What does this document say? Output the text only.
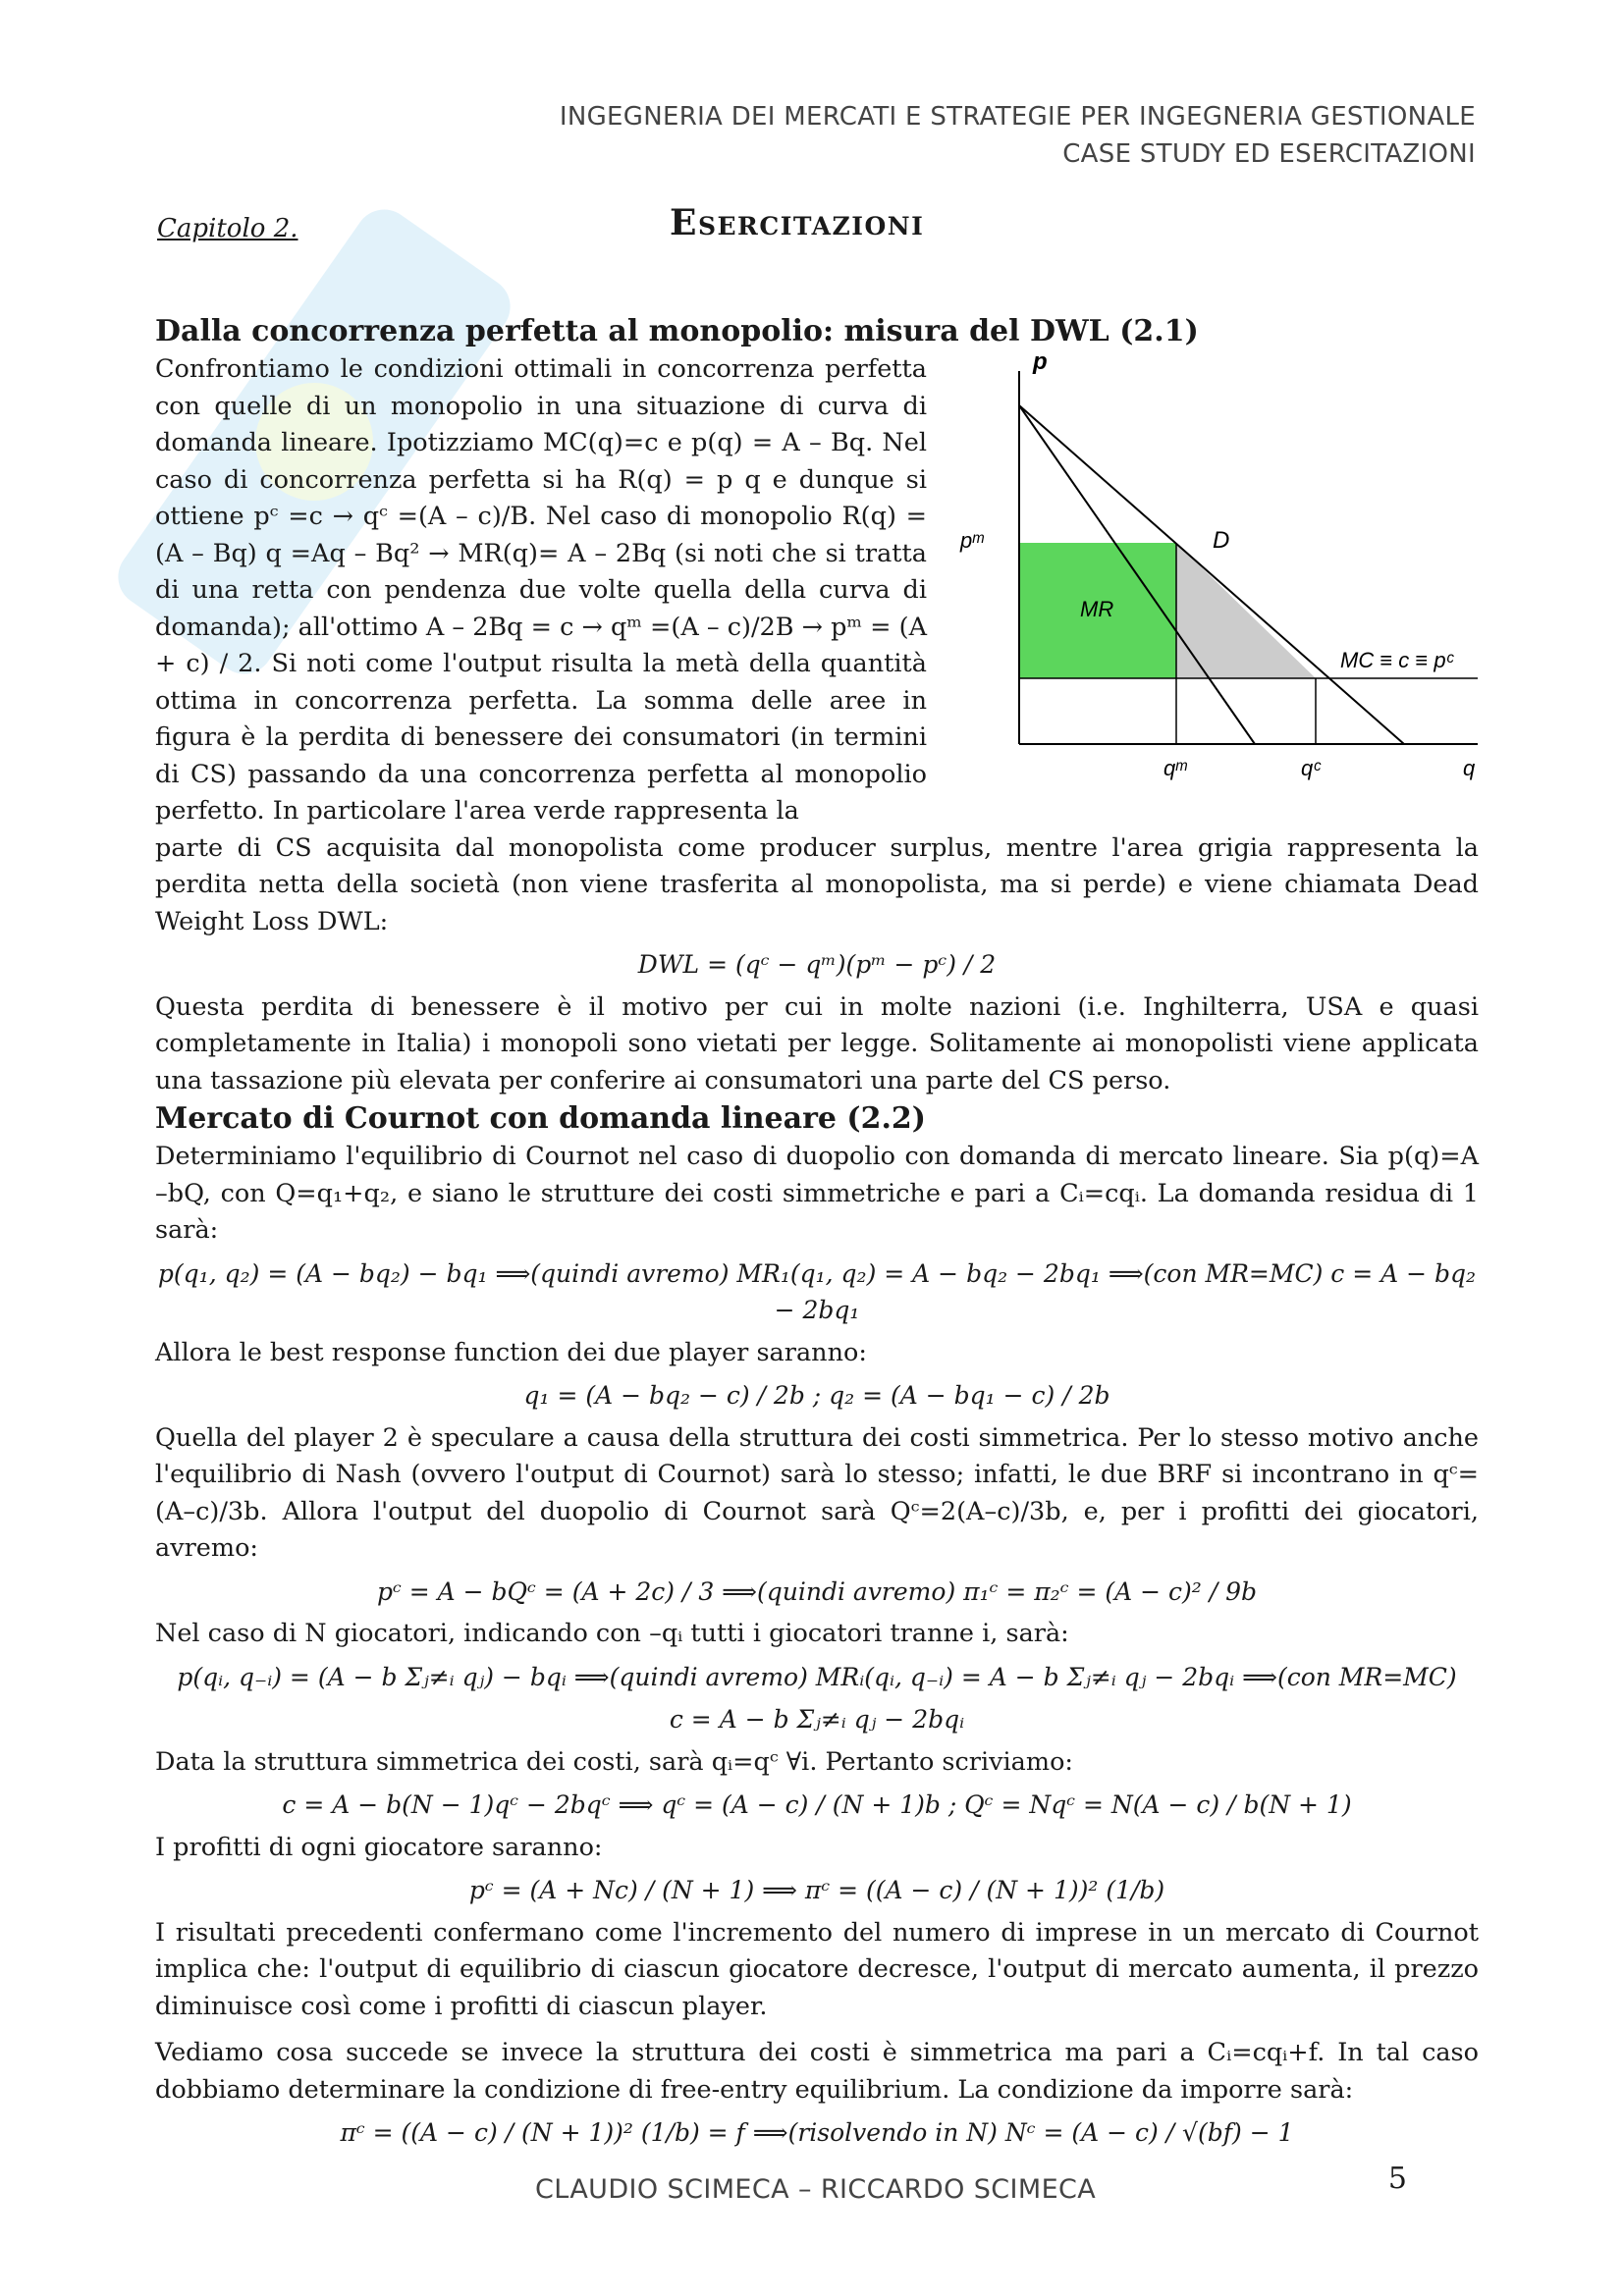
INGEGNERIA DEI MERCATI E STRATEGIE PER INGEGNERIA GESTIONALE
CASE STUDY ED ESERCITAZIONI
Capitolo 2.	Esercitazioni
p
pᵐ	D
MR
MC ≡ c ≡ pᶜ
qᵐ	qᶜ	q
Dalla concorrenza perfetta al monopolio: misura del DWL (2.1)

Confrontiamo le condizioni ottimali in concorrenza perfetta con quelle di un monopolio in una situazione di curva di domanda lineare. Ipotizziamo MC(q)=c e p(q) = A – Bq. Nel caso di concorrenza perfetta si ha R(q) = p q e dunque si ottiene pᶜ =c → qᶜ =(A – c)/B. Nel caso di monopolio R(q) = (A – Bq) q =Aq – Bq² → MR(q)= A – 2Bq (si noti che si tratta di una retta con pendenza due volte quella della curva di domanda); all'ottimo A – 2Bq = c → qᵐ =(A – c)/2B → pᵐ = (A + c) / 2. Si noti come l'output risulta la metà della quantità ottima in concorrenza perfetta. La somma delle aree in figura è la perdita di benessere dei consumatori (in termini di CS) passando da una concorrenza perfetta al monopolio perfetto. In particolare l'area verde rappresenta la

parte di CS acquisita dal monopolista come producer surplus, mentre l'area grigia rappresenta la perdita netta della società (non viene trasferita al monopolista, ma si perde) e viene chiamata Dead Weight Loss DWL:

DWL = (qᶜ − qᵐ)(pᵐ − pᶜ) / 2

Questa perdita di benessere è il motivo per cui in molte nazioni (i.e. Inghilterra, USA e quasi completamente in Italia) i monopoli sono vietati per legge. Solitamente ai monopolisti viene applicata una tassazione più elevata per conferire ai consumatori una parte del CS perso.

Mercato di Cournot con domanda lineare (2.2)

Determiniamo l'equilibrio di Cournot nel caso di duopolio con domanda di mercato lineare. Sia p(q)=A –bQ, con Q=q₁+q₂, e siano le strutture dei costi simmetriche e pari a Cᵢ=cqᵢ. La domanda residua di 1 sarà:

p(q₁, q₂) = (A − bq₂) − bq₁ ⟹(quindi avremo) MR₁(q₁, q₂) = A − bq₂ − 2bq₁ ⟹(con MR=MC) c = A − bq₂ − 2bq₁

Allora le best response function dei due player saranno:

q₁ = (A − bq₂ − c) / 2b ; q₂ = (A − bq₁ − c) / 2b

Quella del player 2 è speculare a causa della struttura dei costi simmetrica. Per lo stesso motivo anche l'equilibrio di Nash (ovvero l'output di Cournot) sarà lo stesso; infatti, le due BRF si incontrano in qᶜ=(A–c)/3b. Allora l'output del duopolio di Cournot sarà Qᶜ=2(A–c)/3b, e, per i profitti dei giocatori, avremo:

pᶜ = A − bQᶜ = (A + 2c) / 3 ⟹(quindi avremo) π₁ᶜ = π₂ᶜ = (A − c)² / 9b

Nel caso di N giocatori, indicando con –qᵢ tutti i giocatori tranne i, sarà:

p(qᵢ, q₋ᵢ) = (A − b Σⱼ≠ᵢ qⱼ) − bqᵢ ⟹(quindi avremo) MRᵢ(qᵢ, q₋ᵢ) = A − b Σⱼ≠ᵢ qⱼ − 2bqᵢ ⟹(con MR=MC)
c = A − b Σⱼ≠ᵢ qⱼ − 2bqᵢ

Data la struttura simmetrica dei costi, sarà qᵢ=qᶜ ∀i. Pertanto scriviamo:

c = A − b(N − 1)qᶜ − 2bqᶜ ⟹ qᶜ = (A − c) / (N + 1)b ; Qᶜ = Nqᶜ = N(A − c) / b(N + 1)

I profitti di ogni giocatore saranno:

pᶜ = (A + Nc) / (N + 1) ⟹ πᶜ = ((A − c) / (N + 1))² (1/b)

I risultati precedenti confermano come l'incremento del numero di imprese in un mercato di Cournot implica che: l'output di equilibrio di ciascun giocatore decresce, l'output di mercato aumenta, il prezzo diminuisce così come i profitti di ciascun player.

Vediamo cosa succede se invece la struttura dei costi è simmetrica ma pari a Cᵢ=cqᵢ+f. In tal caso dobbiamo determinare la condizione di free-entry equilibrium. La condizione da imporre sarà:

πᶜ = ((A − c) / (N + 1))² (1/b) = f ⟹(risolvendo in N) Nᶜ = (A − c) / √(bf) − 1
CLAUDIO SCIMECA – RICCARDO SCIMECA	5
